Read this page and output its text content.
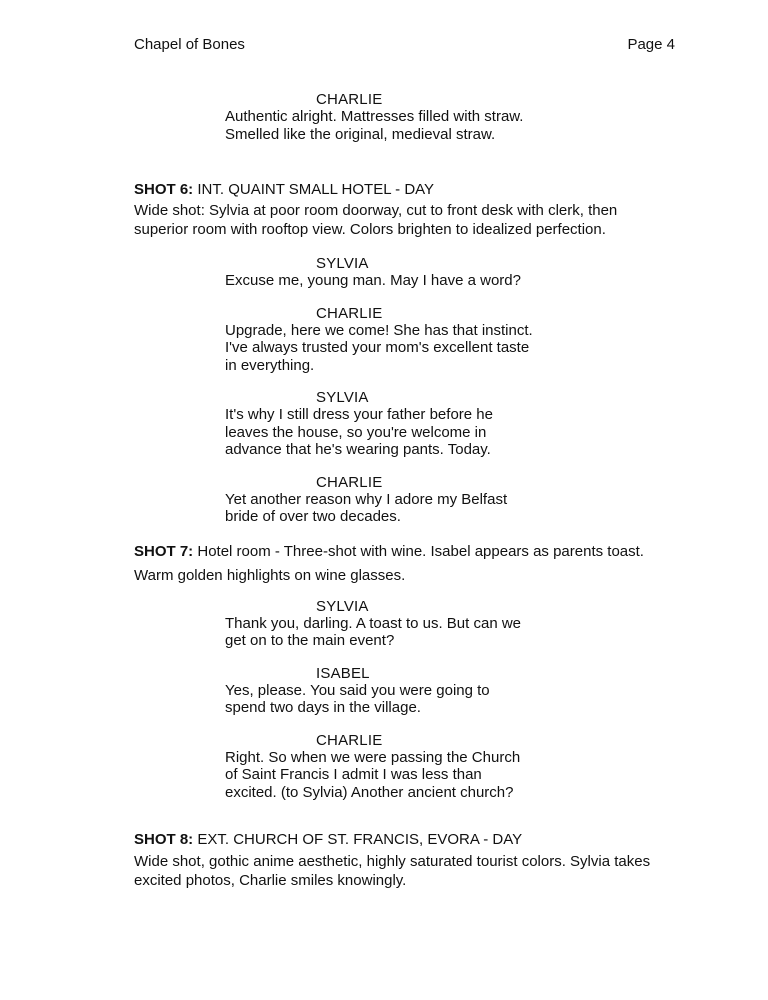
Chapel of Bones	Page 4
CHARLIE
Authentic alright. Mattresses filled with straw.
Smelled like the original, medieval straw.
SHOT 6: INT. QUAINT SMALL HOTEL - DAY
Wide shot: Sylvia at poor room doorway, cut to front desk with clerk, then
superior room with rooftop view. Colors brighten to idealized perfection.
SYLVIA
Excuse me, young man. May I have a word?
CHARLIE
Upgrade, here we come! She has that instinct.
I've always trusted your mom's excellent taste
in everything.
SYLVIA
It's why I still dress your father before he
leaves the house, so you're welcome in
advance that he's wearing pants. Today.
CHARLIE
Yet another reason why I adore my Belfast
bride of over two decades.
SHOT 7: Hotel room - Three-shot with wine. Isabel appears as parents toast.
Warm golden highlights on wine glasses.
SYLVIA
Thank you, darling. A toast to us. But can we
get on to the main event?
ISABEL
Yes, please. You said you were going to
spend two days in the village.
CHARLIE
Right. So when we were passing the Church
of Saint Francis I admit I was less than
excited. (to Sylvia) Another ancient church?
SHOT 8: EXT. CHURCH OF ST. FRANCIS, EVORA - DAY
Wide shot, gothic anime aesthetic, highly saturated tourist colors. Sylvia takes
excited photos, Charlie smiles knowingly.
